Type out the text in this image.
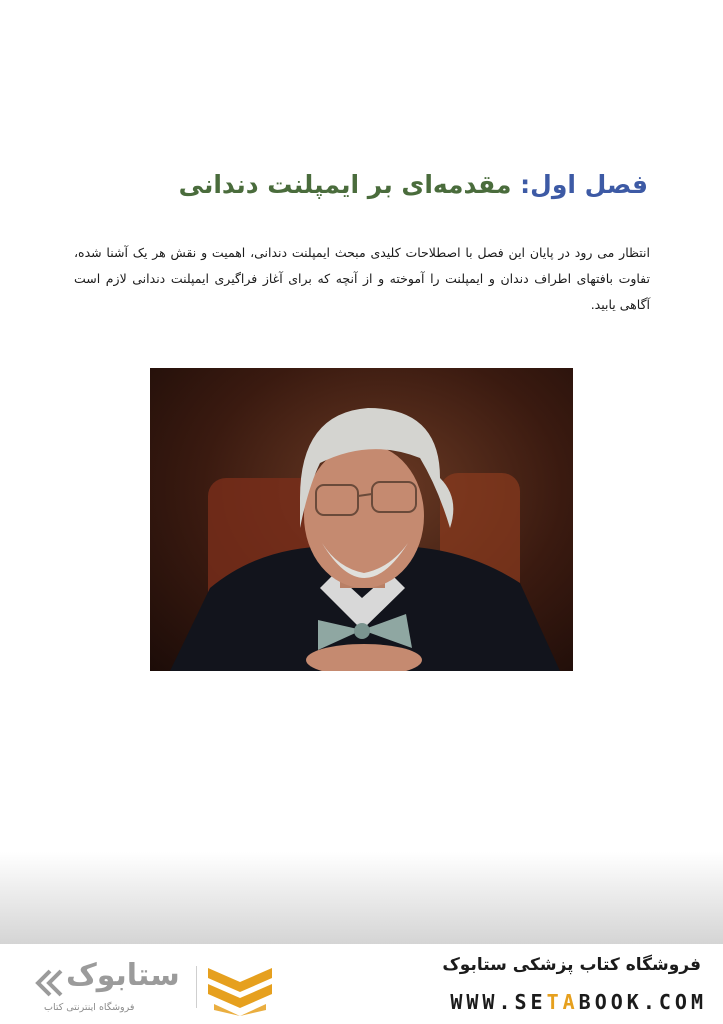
فصل اول: مقدمه‌ای بر ایمپلنت دندانی

انتظار می رود در پایان این فصل با اصطلاحات کلیدی مبحث ایمپلنت دندانی، اهمیت و نقش هر یک آشنا شده، تفاوت بافتهای اطراف دندان و ایمپلنت را آموخته و از آنچه که برای آغاز فراگیری ایمپلنت دندانی لازم است آگاهی یابید.

فروشگاه کتاب پزشکی ستابوک

WWW.SETABOOK.COM

ستابوک

فروشگاه اینترنتی کتاب
